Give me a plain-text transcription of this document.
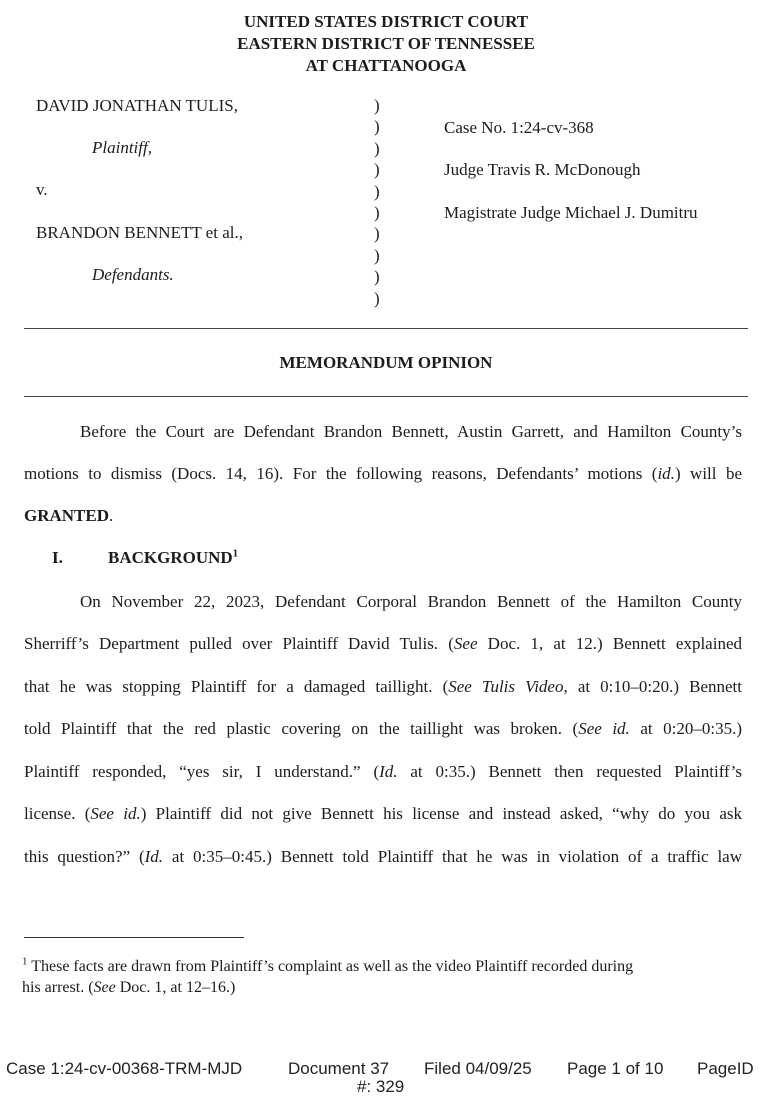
UNITED STATES DISTRICT COURT
EASTERN DISTRICT OF TENNESSEE
AT CHATTANOOGA
DAVID JONATHAN TULIS,
Plaintiff,
v.
BRANDON BENNETT et al.,
Defendants.
)
)
)
)
)
)
)
)
)
)
Case No. 1:24-cv-368
Judge Travis R. McDonough
Magistrate Judge Michael J. Dumitru
MEMORANDUM OPINION
Before the Court are Defendant Brandon Bennett, Austin Garrett, and Hamilton County’s
motions to dismiss (Docs. 14, 16). For the following reasons, Defendants’ motions (id.) will be
GRANTED.
I.	BACKGROUND$^1$
On November 22, 2023, Defendant Corporal Brandon Bennett of the Hamilton County
Sherriff’s Department pulled over Plaintiff David Tulis. (See Doc. 1, at 12.) Bennett explained
that he was stopping Plaintiff for a damaged taillight. (See Tulis Video, at 0:10–0:20.) Bennett
told Plaintiff that the red plastic covering on the taillight was broken. (See id. at 0:20–0:35.)
Plaintiff responded, “yes sir, I understand.” (Id. at 0:35.) Bennett then requested Plaintiff’s
license. (See id.) Plaintiff did not give Bennett his license and instead asked, “why do you ask
this question?” (Id. at 0:35–0:45.) Bennett told Plaintiff that he was in violation of a traffic law
$^1$ These facts are drawn from Plaintiff’s complaint as well as the video Plaintiff recorded during
his arrest. (See Doc. 1, at 12–16.)
Case 1:24-cv-00368-TRM-MJD	Document 37 Filed 04/09/25 Page 1 of 10 PageID
#: 329
